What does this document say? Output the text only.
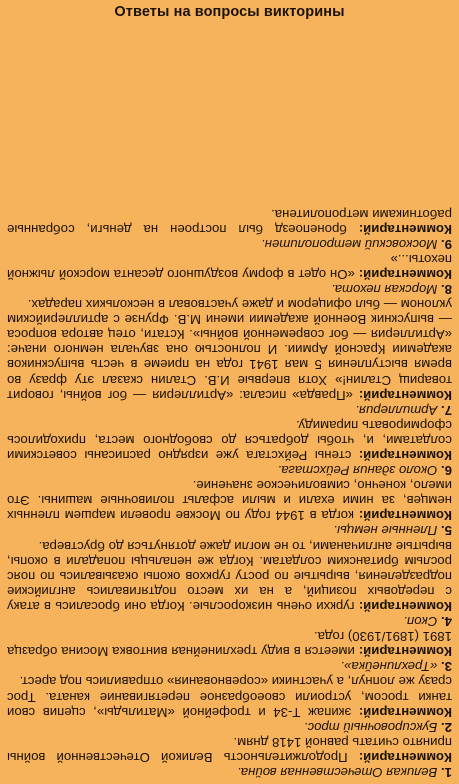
Ответы на вопросы викторины

1. Великая Отечественная война.

Комментарий: Продолжительность Великой Отечественной войны принято считать равной 1418 дням.

2. Буксировочный трос.

Комментарий: экипаж Т-34 и трофейной «Матильды», сцепив свои танки тросом, устроили своеобразное перетягивание каната. Трос сразу же лопнул, а участники «соревнования» отправились под арест.

3. «Трехлинейка».

Комментарий: имеется в виду трехлинейная винтовка Мосина образца 1891 (1891/1930) года.

4. Скоп.

Комментарий: гуркхи очень низкорослые. Когда они бросались в атаку с передовых позиций, а на их место подтягивались английские подразделения, вырытые по росту гуркхов окопы оказывались по пояс рослым британским солдатам. Когда же непальцы попадали в окопы, вырытые англичанами, то не могли даже дотянуться до бруствера.

5. Пленные немцы.

Комментарий: когда в 1944 году по Москве провели маршем пленных немцев, за ними ехали и мыли асфальт поливочные машины. Это имело, конечно, символическое значение.

6. Около здания Рейхстага.

Комментарий: стены Рейхстага уже изрядно расписаны советскими солдатами, и, чтобы добраться до свободного места, приходилось сформировать пирамиду.

7. Артиллерия.

Комментарий: «Правда» писала: «Артиллерия — бог войны, говорит товарищ Сталин!» Хотя впервые И.В. Сталин сказал эту фразу во время выступления 5 мая 1941 года на приеме в честь выпускников академии Красной Армии. И полностью она звучала немного иначе: «Артиллерия — бог современной войны». Кстати, отец автора вопроса — выпускник Военной академии имени М.В. Фрунзе с артиллерийским уклоном — был офицером и даже участвовал в нескольких парадах.

8. Морская пехота.

Комментарий: «Он одет в форму воздушного десанта морской лыжной пехоты...»

9. Московский метрополитен.

Комментарий: бронепоезд был построен на деньги, собранные работниками метрополитена.
